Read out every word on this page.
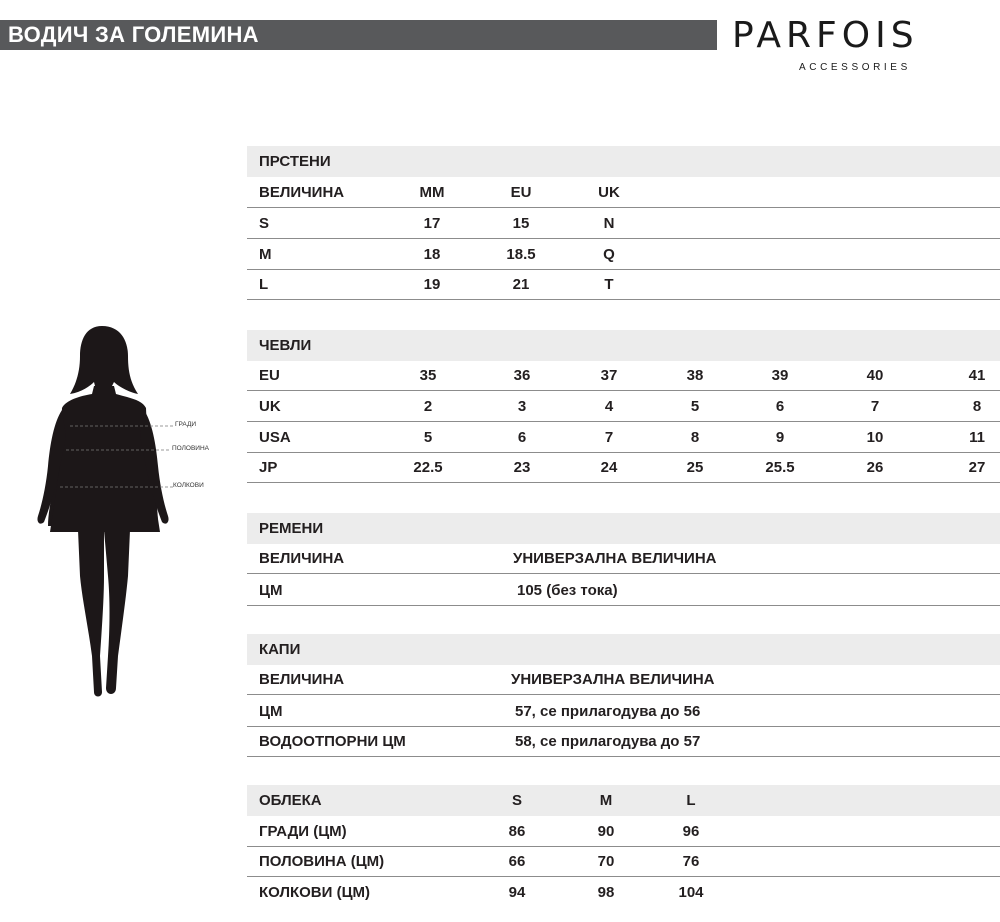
ВОДИЧ ЗА ГОЛЕМИНА	PARFOIS
ACCESSORIES
ГРАДИ
ПОЛОВИНА
КОЛКОВИ
ПРСТЕНИ
ВЕЛИЧИНА	MM	EU	UK
S	17	15	N
M	18	18.5	Q
L	19	21	T
ЧЕВЛИ
EU	35	36	37	38	39	40	41
UK	2	3	4	5	6	7	8
USA	5	6	7	8	9	10	11
JP	22.5	23	24	25	25.5	26	27
РЕМЕНИ
ВЕЛИЧИНА	УНИВЕРЗАЛНА ВЕЛИЧИНА
ЦМ	105 (без тока)
КАПИ
ВЕЛИЧИНА	УНИВЕРЗАЛНА ВЕЛИЧИНА
ЦМ	57, се прилагодува до 56
ВОДООТПОРНИ ЦМ	58, се прилагодува до 57
ОБЛЕКА	S	M	L
ГРАДИ (ЦМ)	86	90	96
ПОЛОВИНА (ЦМ)	66	70	76
КОЛКОВИ (ЦМ)	94	98	104
